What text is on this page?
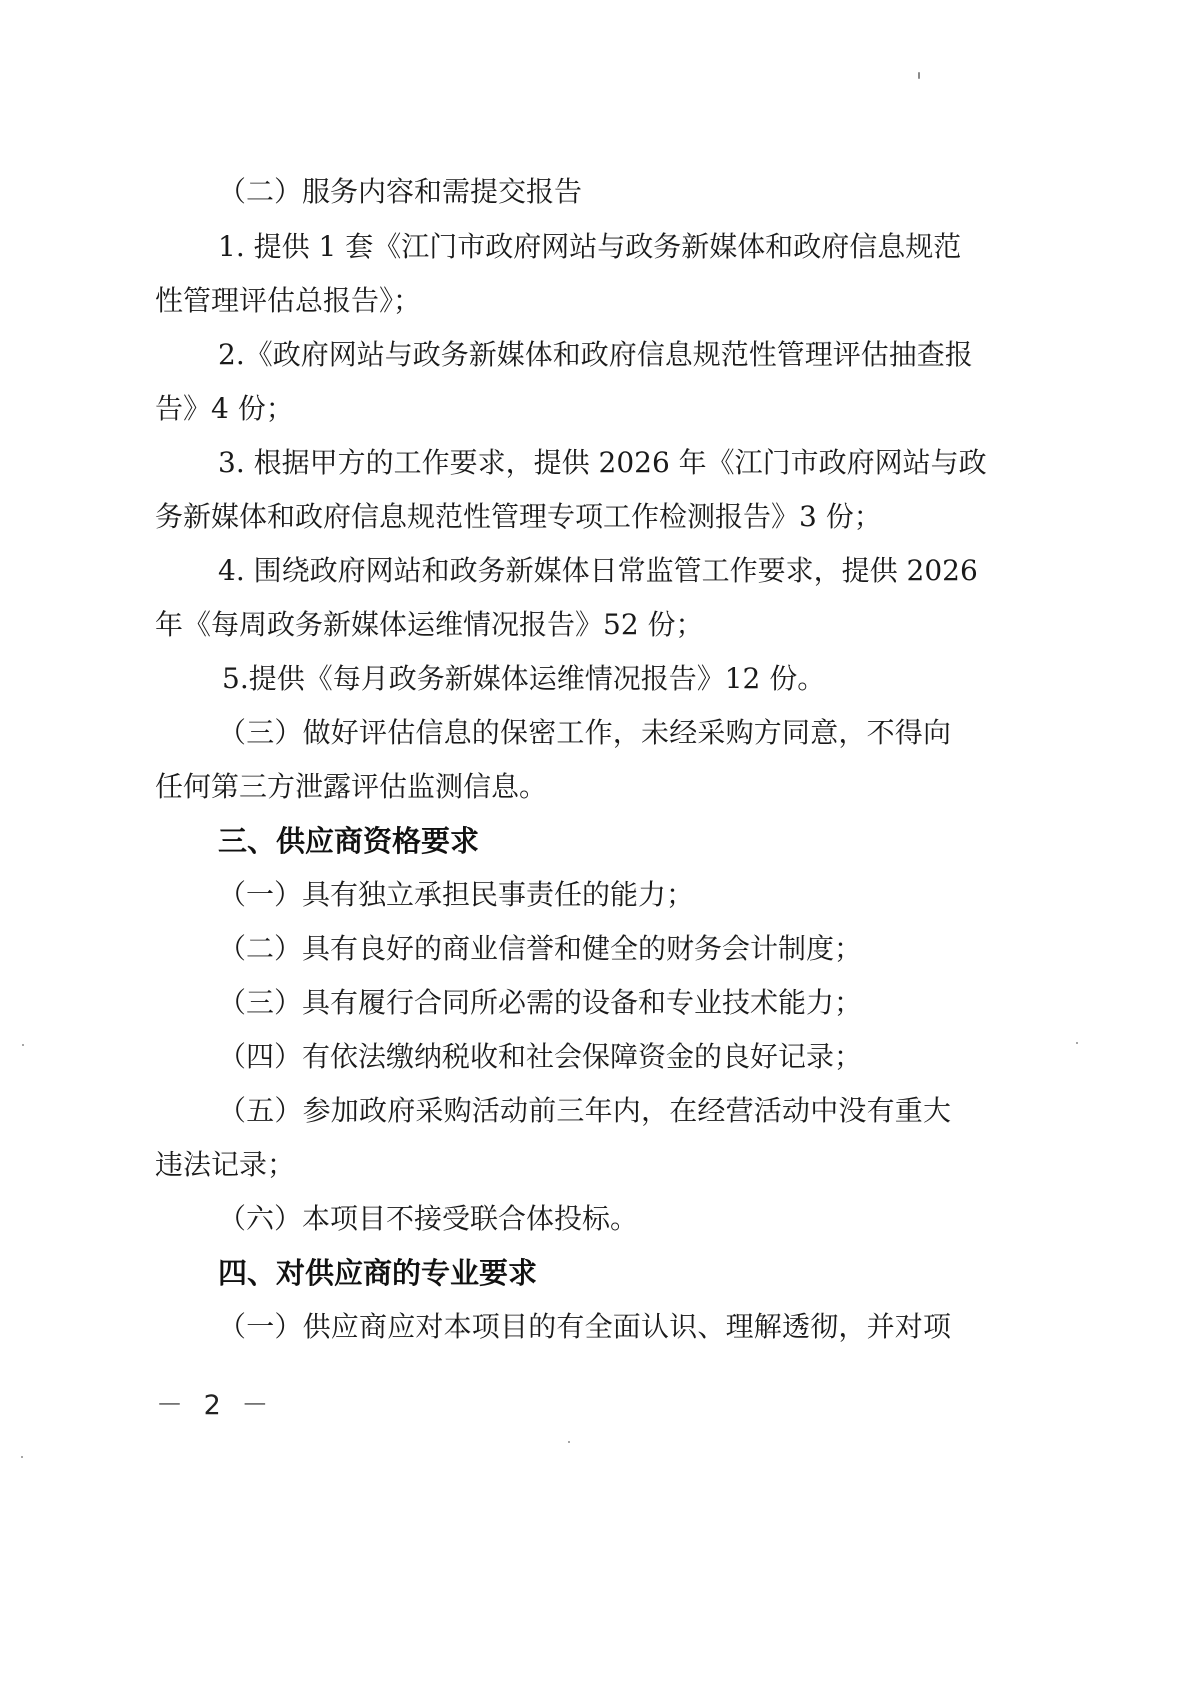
（二）服务内容和需提交报告
1. 提供 1 套《江门市政府网站与政务新媒体和政府信息规范
性管理评估总报告》；
2.《政府网站与政务新媒体和政府信息规范性管理评估抽查报
告》4 份；
3. 根据甲方的工作要求，提供 2026 年《江门市政府网站与政
务新媒体和政府信息规范性管理专项工作检测报告》3 份；
4. 围绕政府网站和政务新媒体日常监管工作要求，提供 2026
年《每周政务新媒体运维情况报告》52 份；
5.提供《每月政务新媒体运维情况报告》12 份。
（三）做好评估信息的保密工作，未经采购方同意，不得向
任何第三方泄露评估监测信息。
三、供应商资格要求
（一）具有独立承担民事责任的能力；
（二）具有良好的商业信誉和健全的财务会计制度；
（三）具有履行合同所必需的设备和专业技术能力；
（四）有依法缴纳税收和社会保障资金的良好记录；
（五）参加政府采购活动前三年内，在经营活动中没有重大
违法记录；
（六）本项目不接受联合体投标。
四、对供应商的专业要求
（一）供应商应对本项目的有全面认识、理解透彻，并对项
－ 2 －
